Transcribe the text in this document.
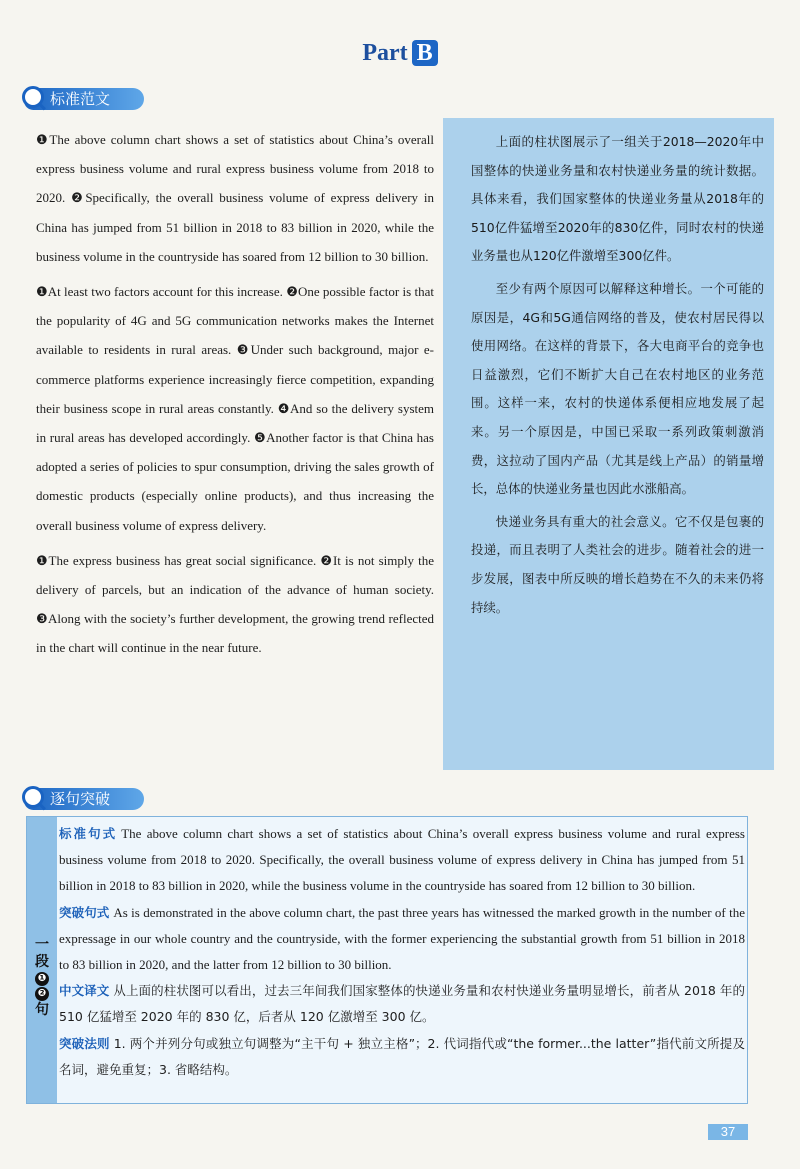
Part B
标准范文

❶The above column chart shows a set of statistics about China’s overall express business volume and rural express business volume from 2018 to 2020. ❷Specifically, the overall business volume of express delivery in China has jumped from 51 billion in 2018 to 83 billion in 2020, while the business volume in the countryside has soared from 12 billion to 30 billion.

❶At least two factors account for this increase. ❷One possible factor is that the popularity of 4G and 5G communication networks makes the Internet available to residents in rural areas. ❸Under such background, major e-commerce platforms experience increasingly fierce competition, expanding their business scope in rural areas constantly. ❹And so the delivery system in rural areas has developed accordingly. ❺Another factor is that China has adopted a series of policies to spur consumption, driving the sales growth of domestic products (especially online products), and thus increasing the overall business volume of express delivery.

❶The express business has great social significance. ❷It is not simply the delivery of parcels, but an indication of the advance of human society. ❸Along with the society’s further development, the growing trend reflected in the chart will continue in the near future.

上面的柱状图展示了一组关于2018—2020年中国整体的快递业务量和农村快递业务量的统计数据。具体来看，我们国家整体的快递业务量从2018年的510亿件猛增至2020年的830亿件，同时农村的快递业务量也从120亿件激增至300亿件。

至少有两个原因可以解释这种增长。一个可能的原因是，4G和5G通信网络的普及，使农村居民得以使用网络。在这样的背景下，各大电商平台的竞争也日益激烈，它们不断扩大自己在农村地区的业务范围。这样一来，农村的快递体系便相应地发展了起来。另一个原因是，中国已采取一系列政策刺激消费，这拉动了国内产品（尤其是线上产品）的销量增长，总体的快递业务量也因此水涨船高。

快递业务具有重大的社会意义。它不仅是包裹的投递，而且表明了人类社会的进步。随着社会的进一步发展，图表中所反映的增长趋势在不久的未来仍将持续。

逐句突破
一
段
❶
❷
句

标准句式 The above column chart shows a set of statistics about China’s overall express business volume and rural express business volume from 2018 to 2020. Specifically, the overall business volume of express delivery in China has jumped from 51 billion in 2018 to 83 billion in 2020, while the business volume in the countryside has soared from 12 billion to 30 billion.

突破句式 As is demonstrated in the above column chart, the past three years has witnessed the marked growth in the number of the expressage in our whole country and the countryside, with the former experiencing the substantial growth from 51 billion in 2018 to 83 billion in 2020, and the latter from 12 billion to 30 billion.

中文译文 从上面的柱状图可以看出，过去三年间我们国家整体的快递业务量和农村快递业务量明显增长，前者从 2018 年的 510 亿猛增至 2020 年的 830 亿，后者从 120 亿激增至 300 亿。

突破法则 1. 两个并列分句或独立句调整为“主干句 + 独立主格”；2. 代词指代或“the former...the latter”指代前文所提及名词，避免重复；3. 省略结构。

37
